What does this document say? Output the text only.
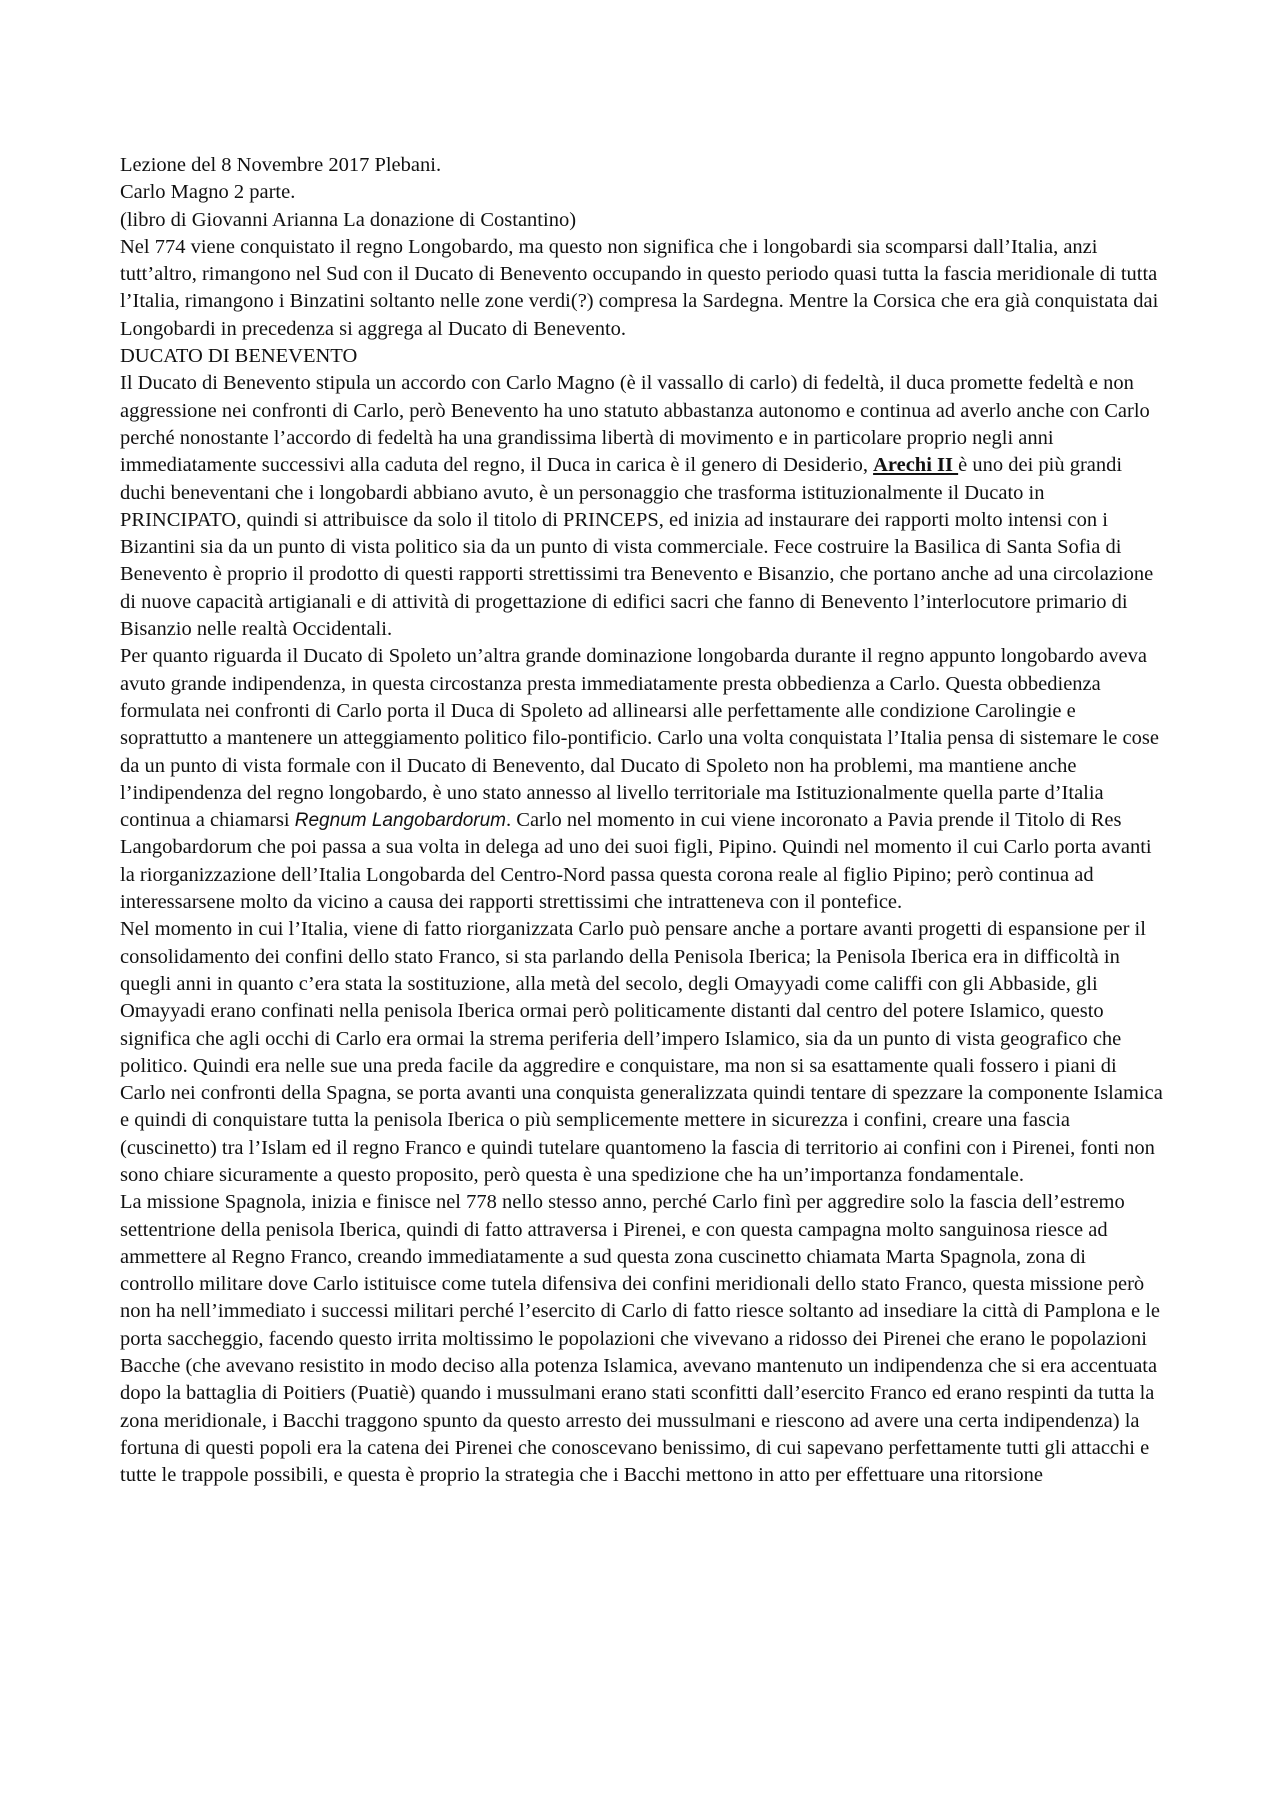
Lezione del 8 Novembre 2017 Plebani.

Carlo Magno 2 parte.

(libro di Giovanni Arianna La donazione di Costantino)

Nel 774 viene conquistato il regno Longobardo, ma questo non significa che i longobardi sia scomparsi dall’Italia, anzi tutt’altro, rimangono nel Sud con il Ducato di Benevento occupando in questo periodo quasi tutta la fascia meridionale di tutta l’Italia, rimangono i Binzatini soltanto nelle zone verdi(?) compresa la Sardegna. Mentre la Corsica che era già conquistata dai Longobardi in precedenza si aggrega al Ducato di Benevento.

DUCATO DI BENEVENTO

Il Ducato di Benevento stipula un accordo con Carlo Magno (è il vassallo di carlo) di fedeltà, il duca promette fedeltà e non aggressione nei confronti di Carlo, però Benevento ha uno statuto abbastanza autonomo e continua ad averlo anche con Carlo perché nonostante l’accordo di fedeltà ha una grandissima libertà di movimento e in particolare proprio negli anni immediatamente successivi alla caduta del regno, il Duca in carica è il genero di Desiderio, Arechi II è uno dei più grandi duchi beneventani che i longobardi abbiano avuto, è un personaggio che trasforma istituzionalmente il Ducato in PRINCIPATO, quindi si attribuisce da solo il titolo di PRINCEPS, ed inizia ad instaurare dei rapporti molto intensi con i Bizantini sia da un punto di vista politico sia da un punto di vista commerciale. Fece costruire la Basilica di Santa Sofia di Benevento è proprio il prodotto di questi rapporti strettissimi tra Benevento e Bisanzio, che portano anche ad una circolazione di nuove capacità artigianali e di attività di progettazione di edifici sacri che fanno di Benevento l’interlocutore primario di Bisanzio nelle realtà Occidentali.

Per quanto riguarda il Ducato di Spoleto un’altra grande dominazione longobarda durante il regno appunto longobardo aveva avuto grande indipendenza, in questa circostanza presta immediatamente presta obbedienza a Carlo. Questa obbedienza formulata nei confronti di Carlo porta il Duca di Spoleto ad allinearsi alle perfettamente alle condizione Carolingie e soprattutto a mantenere un atteggiamento politico filo-pontificio. Carlo una volta conquistata l’Italia pensa di sistemare le cose da un punto di vista formale con il Ducato di Benevento, dal Ducato di Spoleto non ha problemi, ma mantiene anche l’indipendenza del regno longobardo, è uno stato annesso al livello territoriale ma Istituzionalmente quella parte d’Italia continua a chiamarsi Regnum Langobardorum. Carlo nel momento in cui viene incoronato a Pavia prende il Titolo di Res Langobardorum che poi passa a sua volta in delega ad uno dei suoi figli, Pipino. Quindi nel momento il cui Carlo porta avanti la riorganizzazione dell’Italia Longobarda del Centro-Nord passa questa corona reale al figlio Pipino; però continua ad interessarsene molto da vicino a causa dei rapporti strettissimi che intratteneva con il pontefice.

Nel momento in cui l’Italia, viene di fatto riorganizzata Carlo può pensare anche a portare avanti progetti di espansione per il consolidamento dei confini dello stato Franco, si sta parlando della Penisola Iberica; la Penisola Iberica era in difficoltà in quegli anni in quanto c’era stata la sostituzione, alla metà del secolo, degli Omayyadi come califfi con gli Abbaside, gli Omayyadi erano confinati nella penisola Iberica ormai però politicamente distanti dal centro del potere Islamico, questo significa che agli occhi di Carlo era ormai la strema periferia dell’impero Islamico, sia da un punto di vista geografico che politico. Quindi era nelle sue una preda facile da aggredire e conquistare, ma non si sa esattamente quali fossero i piani di Carlo nei confronti della Spagna, se porta avanti una conquista generalizzata quindi tentare di spezzare la componente Islamica e quindi di conquistare tutta la penisola Iberica o più semplicemente mettere in sicurezza i confini, creare una fascia (cuscinetto) tra l’Islam ed il regno Franco e quindi tutelare quantomeno la fascia di territorio ai confini con i Pirenei, fonti non sono chiare sicuramente a questo proposito, però questa è una spedizione che ha un’importanza fondamentale.

La missione Spagnola, inizia e finisce nel 778 nello stesso anno, perché Carlo finì per aggredire solo la fascia dell’estremo settentrione della penisola Iberica, quindi di fatto attraversa i Pirenei, e con questa campagna molto sanguinosa riesce ad ammettere al Regno Franco, creando immediatamente a sud questa zona cuscinetto chiamata Marta Spagnola, zona di controllo militare dove Carlo istituisce come tutela difensiva dei confini meridionali dello stato Franco, questa missione però non ha nell’immediato i successi militari perché l’esercito di Carlo di fatto riesce soltanto ad insediare la città di Pamplona e le porta saccheggio, facendo questo irrita moltissimo le popolazioni che vivevano a ridosso dei Pirenei che erano le popolazioni Bacche (che avevano resistito in modo deciso alla potenza Islamica, avevano mantenuto un indipendenza che si era accentuata dopo la battaglia di Poitiers (Puatiè) quando i mussulmani erano stati sconfitti dall’esercito Franco ed erano respinti da tutta la zona meridionale, i Bacchi traggono spunto da questo arresto dei mussulmani e riescono ad avere una certa indipendenza) la fortuna di questi popoli era la catena dei Pirenei che conoscevano benissimo, di cui sapevano perfettamente tutti gli attacchi e tutte le trappole possibili, e questa è proprio la strategia che i Bacchi mettono in atto per effettuare una ritorsione
